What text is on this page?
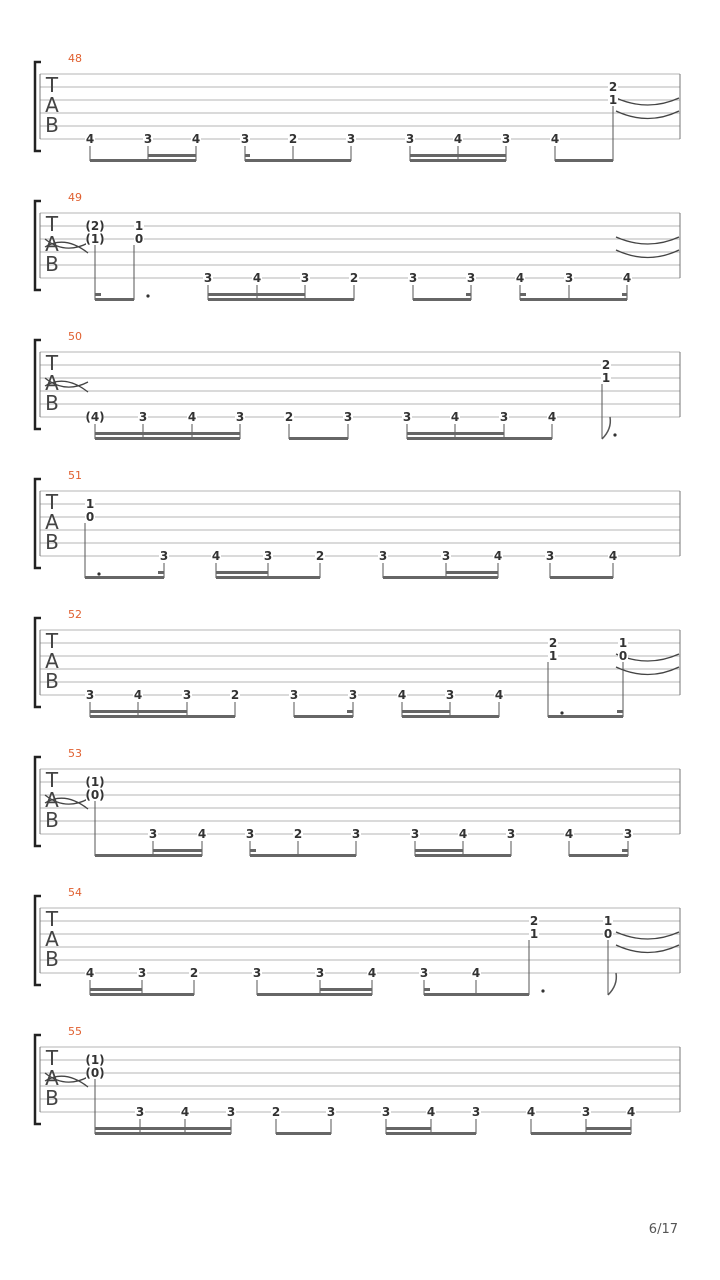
T
A
B
48
4	3	4	3	2	3	3	4	3	4
2
1
T
A
B
49
(2)
(1)
1
0
3	4	3	2	3	3	4	3	4
T
A
B
50
(4)	3	4	3	2	3	3	4	3	4
2
1
T
A
B
51
1
0
3	4	3	2	3	3	4	3	4
T
A
B
52
3	4	3	2	3	3	4	3	4
2
1
1
0
T
A
B
53
(1)
(0)
3	4	3	2	3	3	4	3	4	3
T
A
B
54
4	3	2	3	3	4	3	4
2
1
1
0
T
A
B
55
(1)
(0)
3	4	3	2	3	3	4	3	4	3	4
6/17
